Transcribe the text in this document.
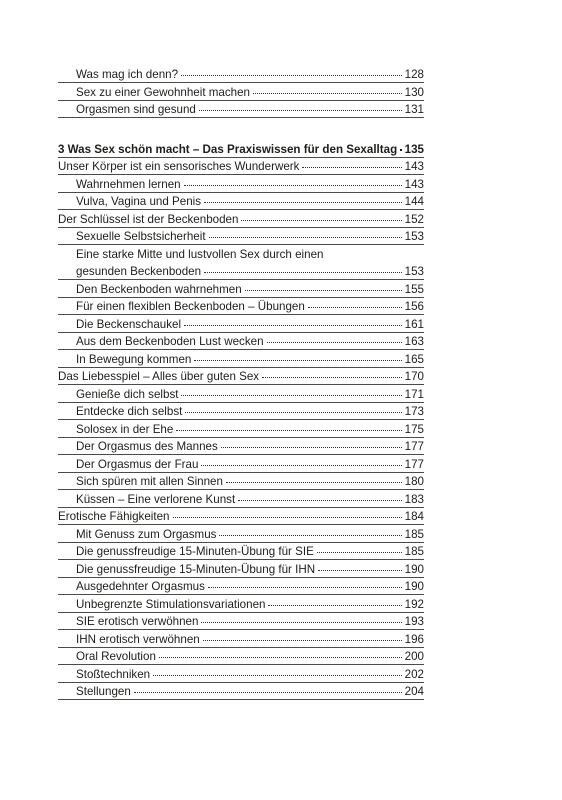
Was mag ich denn?	128
Sex zu einer Gewohnheit machen	130
Orgasmen sind gesund	131
3 Was Sex schön macht – Das Praxiswissen für den Sexalltag 135
Unser Körper ist ein sensorisches Wunderwerk	143
Wahrnehmen lernen	143
Vulva, Vagina und Penis	144
Der Schlüssel ist der Beckenboden	152
Sexuelle Selbstsicherheit	153
Eine starke Mitte und lustvollen Sex durch einen
gesunden Beckenboden	153
Den Beckenboden wahrnehmen	155
Für einen flexiblen Beckenboden – Übungen	156
Die Beckenschaukel	161
Aus dem Beckenboden Lust wecken	163
In Bewegung kommen	165
Das Liebesspiel – Alles über guten Sex	170
Genieße dich selbst	171
Entdecke dich selbst	173
Solosex in der Ehe	175
Der Orgasmus des Mannes	177
Der Orgasmus der Frau	177
Sich spüren mit allen Sinnen	180
Küssen – Eine verlorene Kunst	183
Erotische Fähigkeiten	184
Mit Genuss zum Orgasmus	185
Die genussfreudige 15-Minuten-Übung für SIE	185
Die genussfreudige 15-Minuten-Übung für IHN	190
Ausgedehnter Orgasmus	190
Unbegrenzte Stimulationsvariationen	192
SIE erotisch verwöhnen	193
IHN erotisch verwöhnen	196
Oral Revolution	200
Stoßtechniken	202
Stellungen	204
